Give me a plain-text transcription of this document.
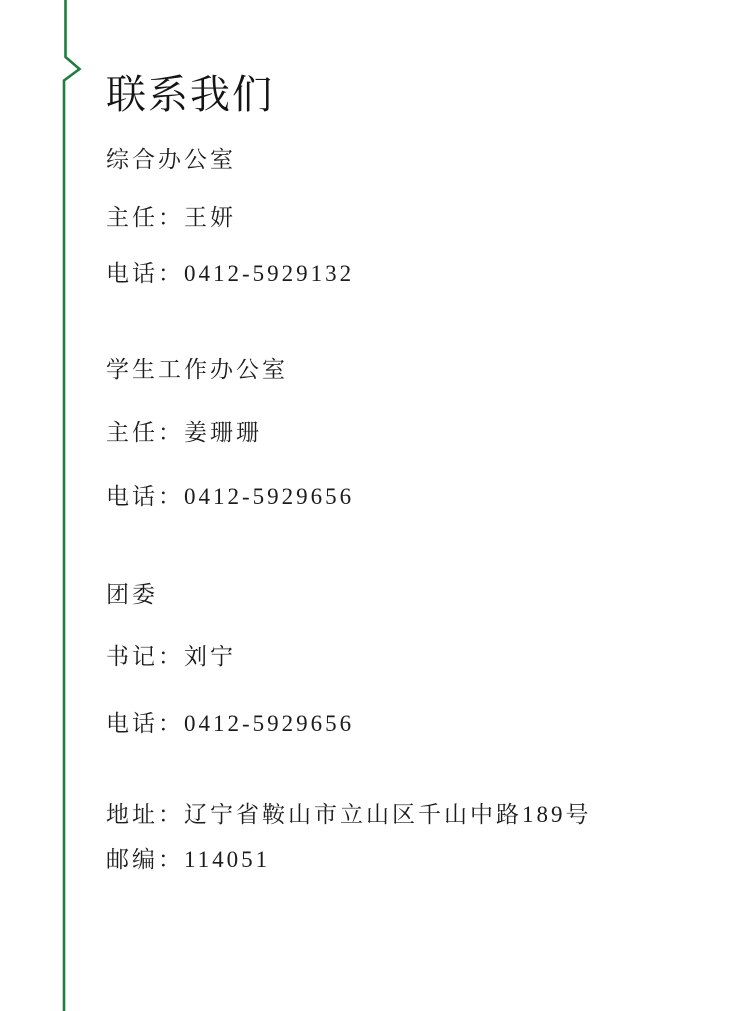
联系我们

综合办公室

主任：王妍

电话：0412-5929132

学生工作办公室

主任：姜珊珊

电话：0412-5929656

团委

书记：刘宁

电话：0412-5929656

地址：辽宁省鞍山市立山区千山中路189号

邮编：114051
